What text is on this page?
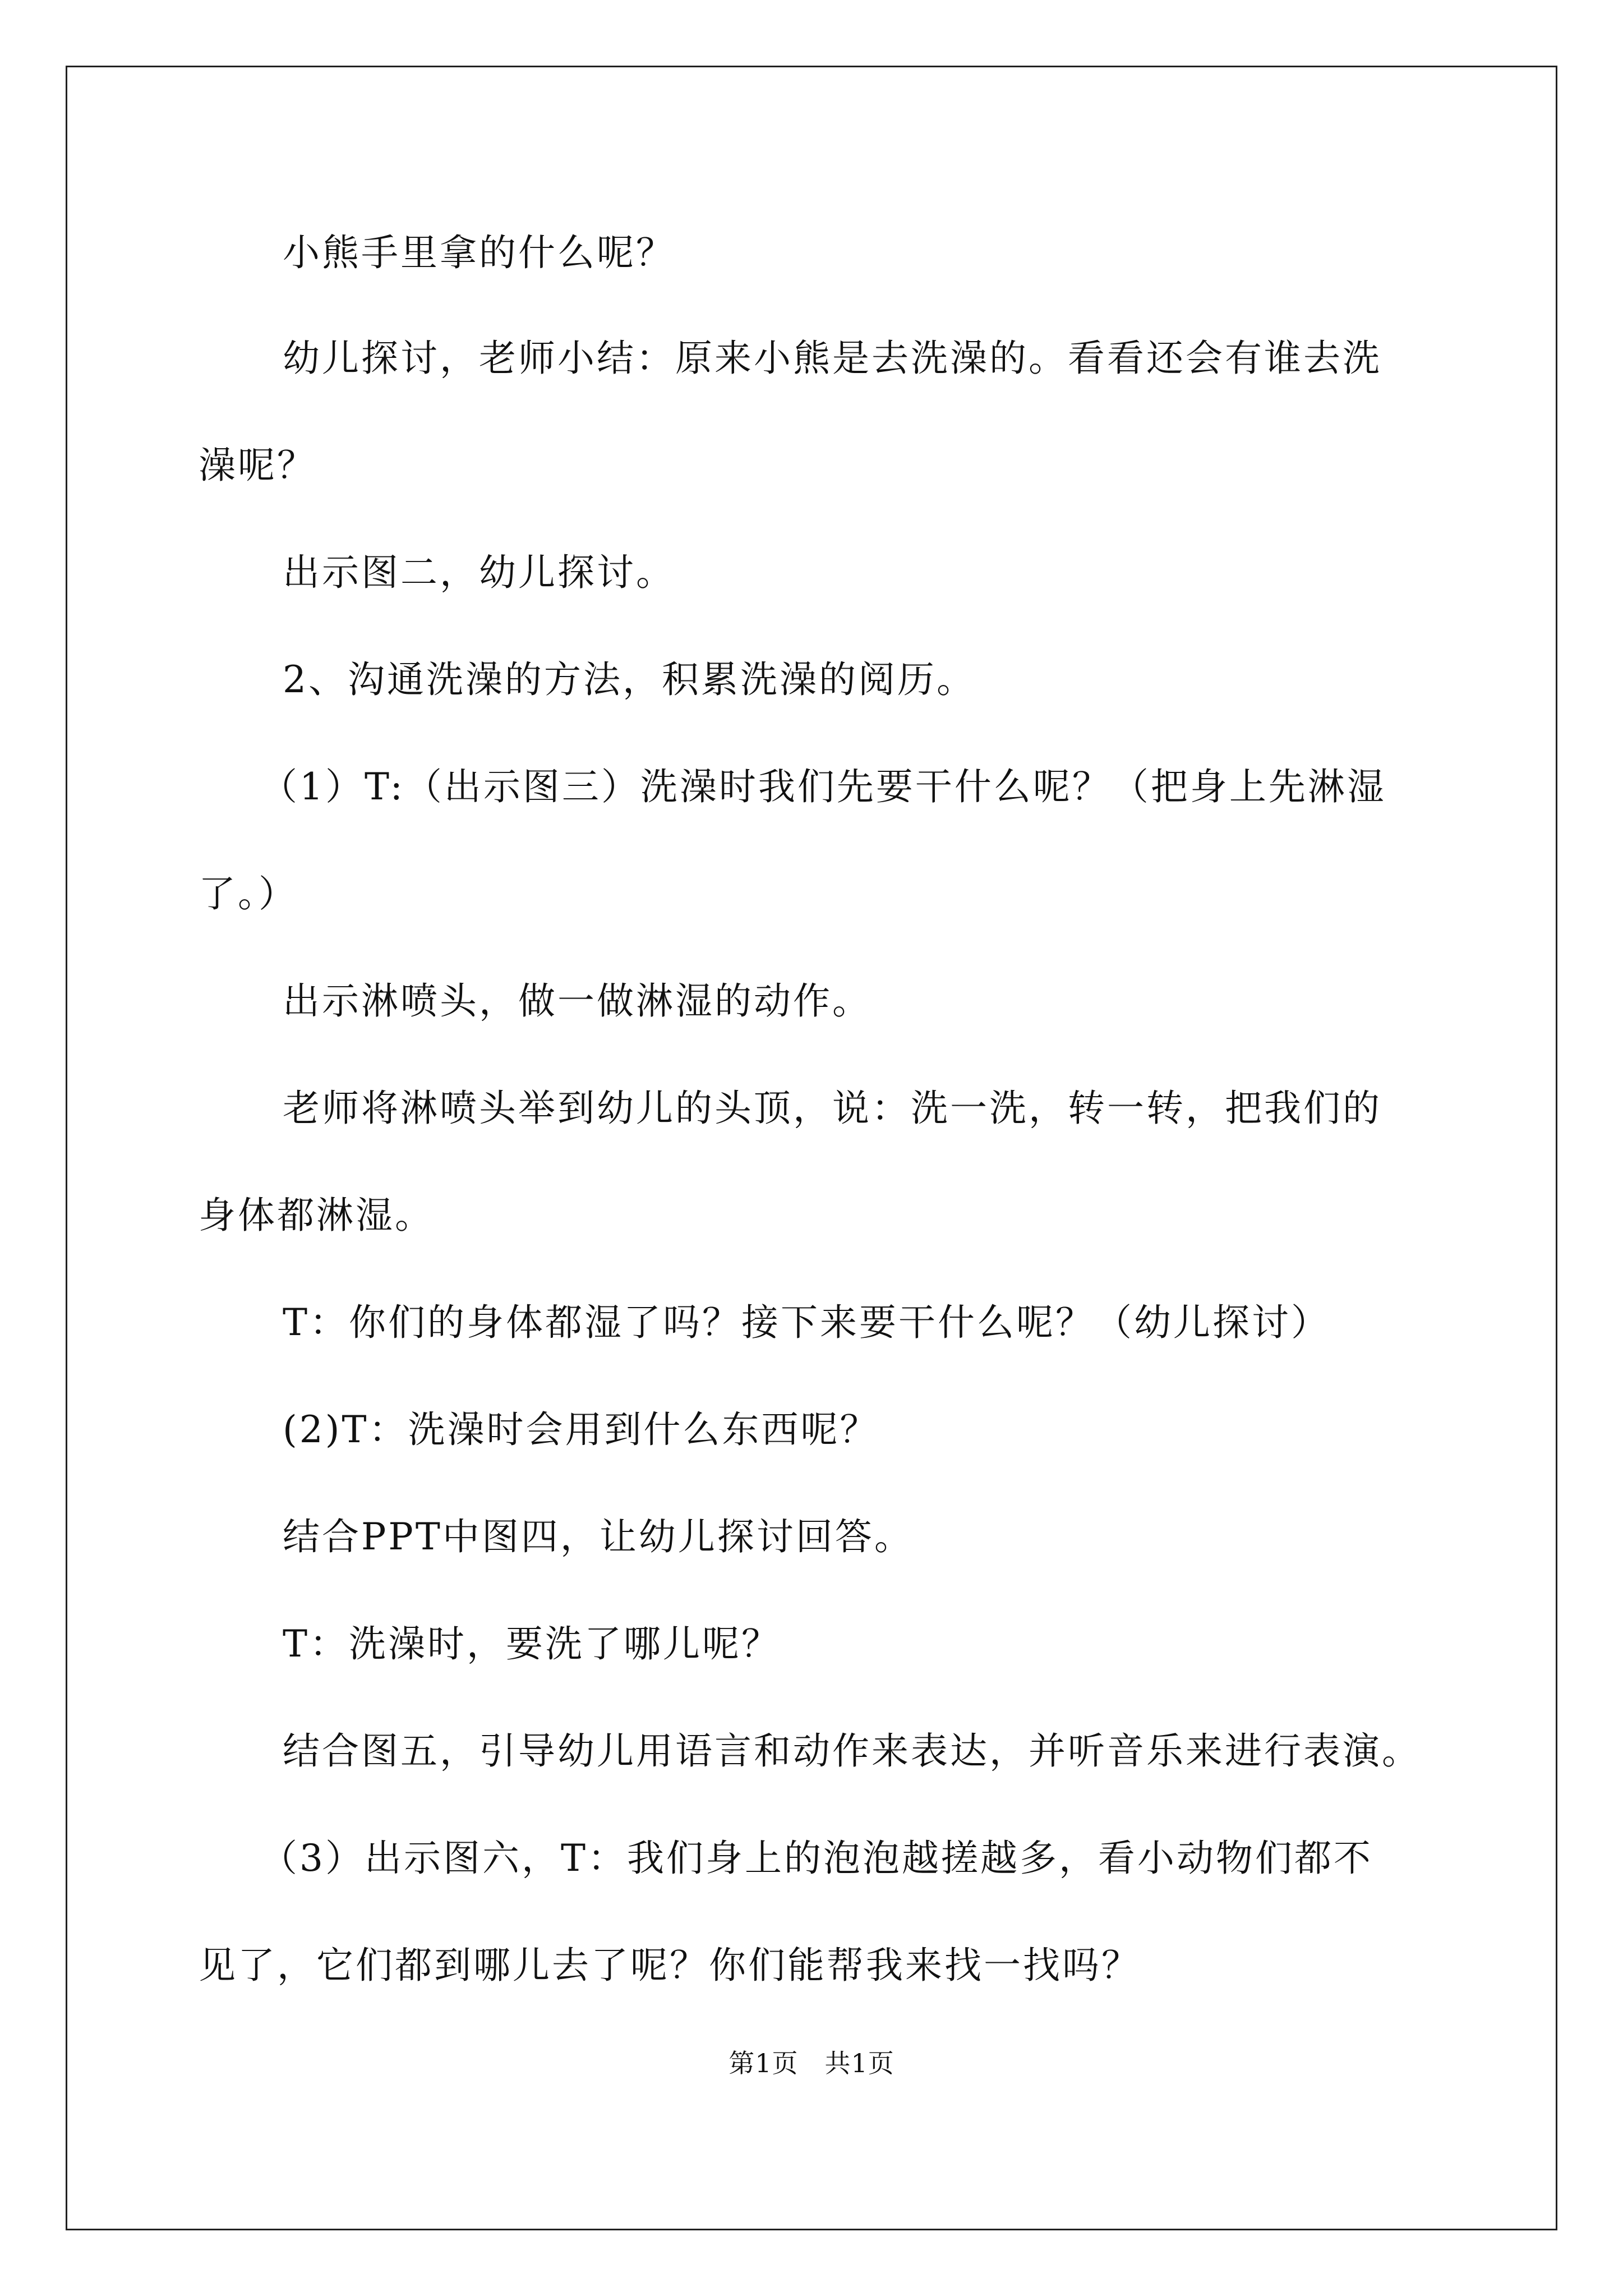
小熊手里拿的什么呢？
幼儿探讨，老师小结：原来小熊是去洗澡的。看看还会有谁去洗
澡呢？
出示图二，幼儿探讨。
2、沟通洗澡的方法，积累洗澡的阅历。
（1）T:（出示图三）洗澡时我们先要干什么呢？（把身上先淋湿
了。）
出示淋喷头，做一做淋湿的动作。
老师将淋喷头举到幼儿的头顶，说：洗一洗，转一转，把我们的
身体都淋湿。
T：你们的身体都湿了吗？接下来要干什么呢？（幼儿探讨）
(2)T：洗澡时会用到什么东西呢？
结合PPT中图四，让幼儿探讨回答。
T：洗澡时，要洗了哪儿呢？
结合图五，引导幼儿用语言和动作来表达，并听音乐来进行表演。
（3）出示图六，T：我们身上的泡泡越搓越多，看小动物们都不
见了，它们都到哪儿去了呢？你们能帮我来找一找吗？
第1页　共1页
